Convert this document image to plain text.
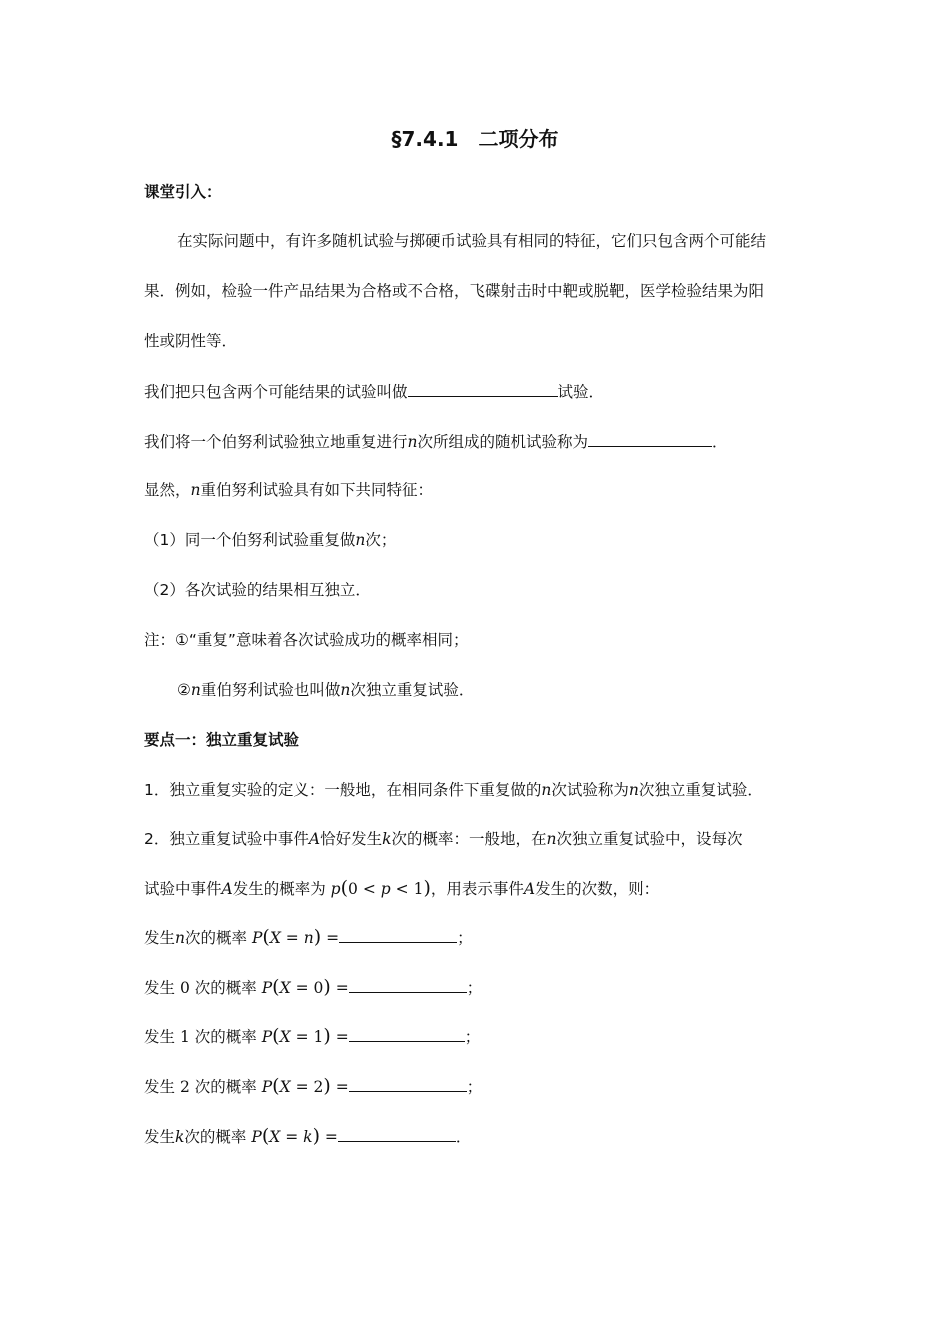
§7.4.1　二项分布
课堂引入：
在实际问题中，有许多随机试验与掷硬币试验具有相同的特征，它们只包含两个可能结
果．例如，检验一件产品结果为合格或不合格，飞碟射击时中靶或脱靶，医学检验结果为阳
性或阴性等．
我们把只包含两个可能结果的试验叫做	试验．
我们将一个伯努利试验独立地重复进行n次所组成的随机试验称为	．
显然，n重伯努利试验具有如下共同特征：
（1）同一个伯努利试验重复做n次；
（2）各次试验的结果相互独立．
注：①“重复”意味着各次试验成功的概率相同；
②n重伯努利试验也叫做n次独立重复试验．
要点一：独立重复试验
1．独立重复实验的定义：一般地，在相同条件下重复做的n次试验称为n次独立重复试验．
2．独立重复试验中事件A恰好发生k次的概率：一般地，在n次独立重复试验中，设每次
试验中事件A发生的概率为 p(0 < p < 1)，用表示事件A发生的次数，则：
发生n次的概率 P(X = n) =	；
发生 0 次的概率 P(X = 0) =	；
发生 1 次的概率 P(X = 1) =	；
发生 2 次的概率 P(X = 2) =	；
发生k次的概率 P(X = k) =	．
